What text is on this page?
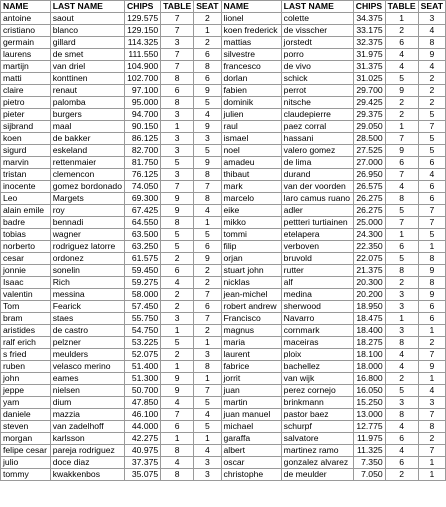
NAME	LAST NAME	CHIPS	TABLE	SEAT	NAME	LAST NAME	CHIPS	TABLE	SEAT
antoine	saout	129.575	7	2	lionel	colette	34.375	1	3
cristiano	blanco	129.150	7	1	koen frederick	de visscher	33.175	2	4
germain	gillard	114.325	3	2	mattias	jorstedt	32.375	6	8
laurens	de smet	111.550	7	6	silvestre	porro	31.975	4	9
martijn	van driel	104.900	7	8	francesco	de vivo	31.375	4	4
matti	konttinen	102.700	8	6	dorlan	schick	31.025	5	2
claire	renaut	97.100	6	9	fabien	perrot	29.700	9	2
pietro	palomba	95.000	8	5	dominik	nitsche	29.425	2	2
pieter	burgers	94.700	3	4	julien	claudepierre	29.375	2	5
sijbrand	maal	90.150	1	9	raul	paez corral	29.050	1	7
koen	de bakker	86.125	3	3	ismael	hassani	28.500	7	5
sigurd	eskeland	82.700	3	5	noel	valero gomez	27.525	9	5
marvin	rettenmaier	81.750	5	9	amadeu	de lima	27.000	6	6
tristan	clemencon	76.125	3	8	thibaut	durand	26.950	7	4
inocente	gomez bordonado	74.050	7	7	mark	van der voorden	26.575	4	6
Leo	Margets	69.300	9	8	marcelo	laro camus ruano	26.275	8	6
alain emile	roy	67.425	9	4	eike	adler	26.275	5	7
badre	bennadi	64.550	8	1	mikko	pettteri turtiainen	25.000	7	7
tobias	wagner	63.500	5	5	tommi	etelapera	24.300	1	5
norberto	rodriguez latorre	63.250	5	6	filip	verboven	22.350	6	1
cesar	ordonez	61.575	2	9	orjan	bruvold	22.075	5	8
jonnie	sonelin	59.450	6	2	stuart john	rutter	21.375	8	9
Isaac	Rich	59.275	4	2	nicklas	alf	20.300	2	8
valentin	messina	58.000	2	7	jean-michel	medina	20.200	3	9
Tom	Fearick	57.450	2	6	robert andrew	sherwood	18.950	3	6
bram	staes	55.750	3	7	Francisco	Navarro	18.475	1	6
aristides	de castro	54.750	1	2	magnus	cornmark	18.400	3	1
ralf erich	pelzner	53.225	5	1	maria	maceiras	18.275	8	2
s fried	meulders	52.075	2	3	laurent	ploix	18.100	4	7
ruben	velasco merino	51.400	1	8	fabrice	bachellez	18.000	4	9
john	eames	51.300	9	1	jorrit	van wijk	16.800	2	1
jeppe	nielsen	50.700	9	7	juan	perez cornejo	16.050	5	4
yam	dium	47.850	4	5	martin	brinkmann	15.250	3	3
daniele	mazzia	46.100	7	4	juan manuel	pastor baez	13.000	8	7
steven	van zadelhoff	44.000	6	5	michael	schurpf	12.775	4	8
morgan	karlsson	42.275	1	1	garaffa	salvatore	11.975	6	2
felipe cesar	pareja rodriguez	40.975	8	4	albert	martinez ramo	11.325	4	7
julio	doce diaz	37.375	4	3	oscar	gonzalez alvarez	7.350	6	1
tommy	kwakkenbos	35.075	8	3	christophe	de meulder	7.050	2	1
